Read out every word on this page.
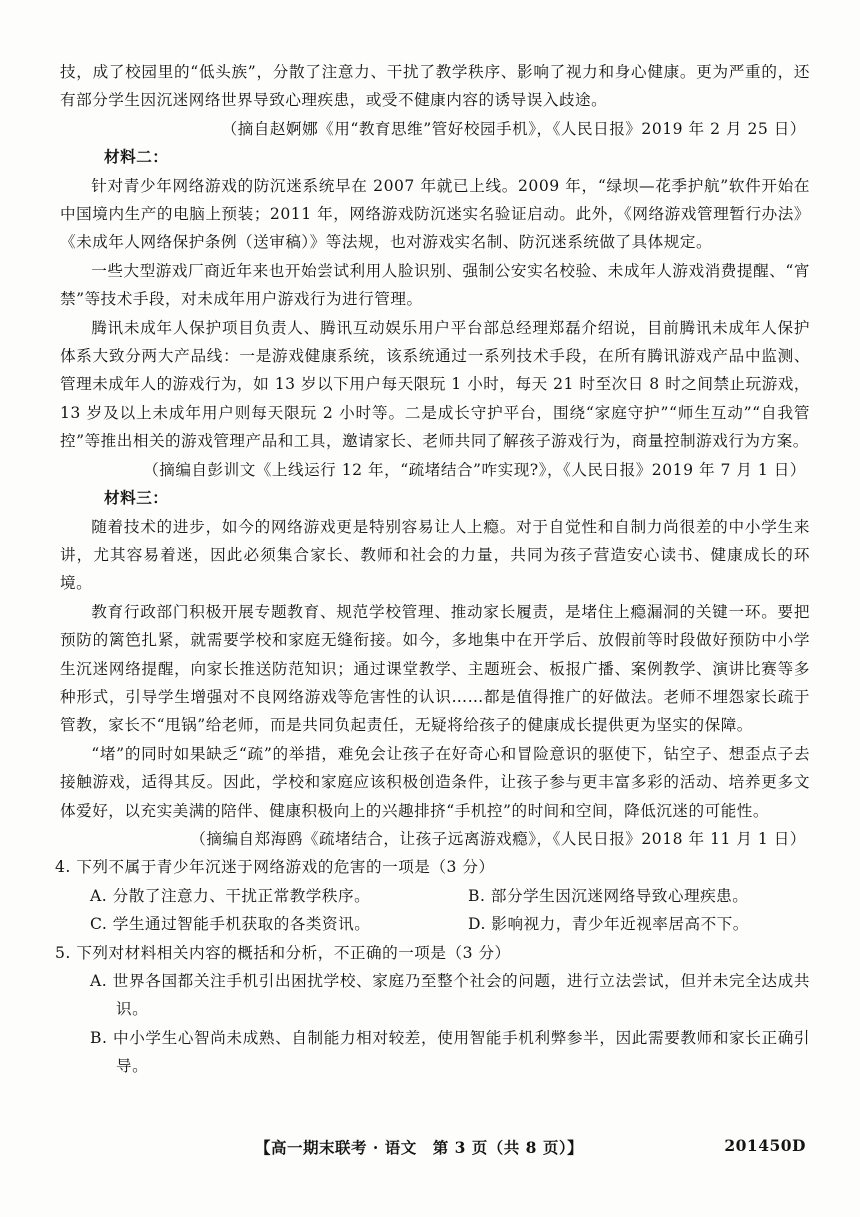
技，成了校园里的“低头族”，分散了注意力、干扰了教学秩序、影响了视力和身心健康。更为严重的，还有部分学生因沉迷网络世界导致心理疾患，或受不健康内容的诱导误入歧途。

（摘自赵婀娜《用“教育思维”管好校园手机》，《人民日报》2019 年 2 月 25 日）

材料二：

针对青少年网络游戏的防沉迷系统早在 2007 年就已上线。2009 年，“绿坝—花季护航”软件开始在中国境内生产的电脑上预装；2011 年，网络游戏防沉迷实名验证启动。此外，《网络游戏管理暂行办法》《未成年人网络保护条例（送审稿）》等法规，也对游戏实名制、防沉迷系统做了具体规定。

一些大型游戏厂商近年来也开始尝试利用人脸识别、强制公安实名校验、未成年人游戏消费提醒、“宵禁”等技术手段，对未成年用户游戏行为进行管理。

腾讯未成年人保护项目负责人、腾讯互动娱乐用户平台部总经理郑磊介绍说，目前腾讯未成年人保护体系大致分两大产品线：一是游戏健康系统，该系统通过一系列技术手段，在所有腾讯游戏产品中监测、管理未成年人的游戏行为，如 13 岁以下用户每天限玩 1 小时，每天 21 时至次日 8 时之间禁止玩游戏，13 岁及以上未成年用户则每天限玩 2 小时等。二是成长守护平台，围绕“家庭守护”“师生互动”“自我管控”等推出相关的游戏管理产品和工具，邀请家长、老师共同了解孩子游戏行为，商量控制游戏行为方案。

（摘编自彭训文《上线运行 12 年，“疏堵结合”咋实现?》，《人民日报》2019 年 7 月 1 日）

材料三：

随着技术的进步，如今的网络游戏更是特别容易让人上瘾。对于自觉性和自制力尚很差的中小学生来讲，尤其容易着迷，因此必须集合家长、教师和社会的力量，共同为孩子营造安心读书、健康成长的环境。

教育行政部门积极开展专题教育、规范学校管理、推动家长履责，是堵住上瘾漏洞的关键一环。要把预防的篱笆扎紧，就需要学校和家庭无缝衔接。如今，多地集中在开学后、放假前等时段做好预防中小学生沉迷网络提醒，向家长推送防范知识；通过课堂教学、主题班会、板报广播、案例教学、演讲比赛等多种形式，引导学生增强对不良网络游戏等危害性的认识……都是值得推广的好做法。老师不埋怨家长疏于管教，家长不“甩锅”给老师，而是共同负起责任，无疑将给孩子的健康成长提供更为坚实的保障。

“堵”的同时如果缺乏“疏”的举措，难免会让孩子在好奇心和冒险意识的驱使下，钻空子、想歪点子去接触游戏，适得其反。因此，学校和家庭应该积极创造条件，让孩子参与更丰富多彩的活动、培养更多文体爱好，以充实美满的陪伴、健康积极向上的兴趣排挤“手机控”的时间和空间，降低沉迷的可能性。

（摘编自郑海鸥《疏堵结合，让孩子远离游戏瘾》，《人民日报》2018 年 11 月 1 日）

4. 下列不属于青少年沉迷于网络游戏的危害的一项是（3 分）

A. 分散了注意力、干扰正常教学秩序。	B. 部分学生因沉迷网络导致心理疾患。

C. 学生通过智能手机获取的各类资讯。	D. 影响视力，青少年近视率居高不下。

5. 下列对材料相关内容的概括和分析，不正确的一项是（3 分）

A. 世界各国都关注手机引出困扰学校、家庭乃至整个社会的问题，进行立法尝试，但并未完全达成共识。

B. 中小学生心智尚未成熟、自制能力相对较差，使用智能手机利弊参半，因此需要教师和家长正确引导。

【高一期末联考 · 语文　第 3 页（共 8 页）】	201450D
